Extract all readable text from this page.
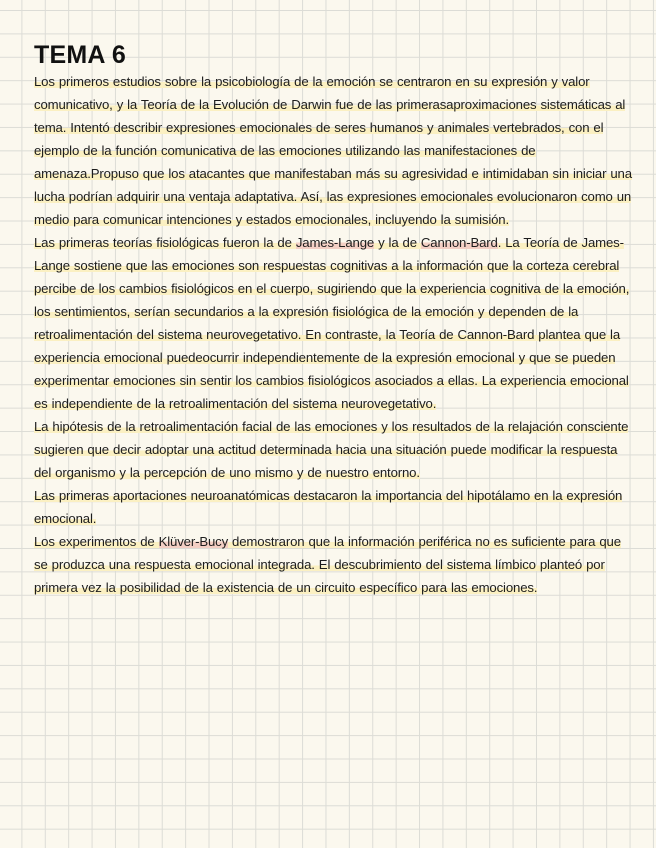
TEMA 6

Los primeros estudios sobre la psicobiología de la emoción se centraron en su expresión y valor comunicativo, y la Teoría de la Evolución de Darwin fue de las primerasaproximaciones sistemáticas al tema. Intentó describir expresiones emocionales de seres humanos y animales vertebrados, con el ejemplo de la función comunicativa de las emociones utilizando las manifestaciones de amenaza.Propuso que los atacantes que manifestaban más su agresividad e intimidaban sin iniciar una lucha podrían adquirir una ventaja adaptativa. Así, las expresiones emocionales evolucionaron como un medio para comunicar intenciones y estados emocionales, incluyendo la sumisión.

Las primeras teorías fisiológicas fueron la de James-Lange y la de Cannon-Bard. La Teoría de James-Lange sostiene que las emociones son respuestas cognitivas a la información que la corteza cerebral percibe de los cambios fisiológicos en el cuerpo, sugiriendo que la experiencia cognitiva de la emoción, los sentimientos, serían secundarios a la expresión fisiológica de la emoción y dependen de la retroalimentación del sistema neurovegetativo. En contraste, la Teoría de Cannon-Bard plantea que la experiencia emocional puedeocurrir independientemente de la expresión emocional y que se pueden experimentar emociones sin sentir los cambios fisiológicos asociados a ellas. La experiencia emocional es independiente de la retroalimentación del sistema neurovegetativo.

La hipótesis de la retroalimentación facial de las emociones y los resultados de la relajación consciente sugieren que decir adoptar una actitud determinada hacia una situación puede modificar la respuesta del organismo y la percepción de uno mismo y de nuestro entorno.

Las primeras aportaciones neuroanatómicas destacaron la importancia del hipotálamo en la expresión emocional.

Los experimentos de Klüver-Bucy demostraron que la información periférica no es suficiente para que se produzca una respuesta emocional integrada. El descubrimiento del sistema límbico planteó por primera vez la posibilidad de la existencia de un circuito específico para las emociones.
